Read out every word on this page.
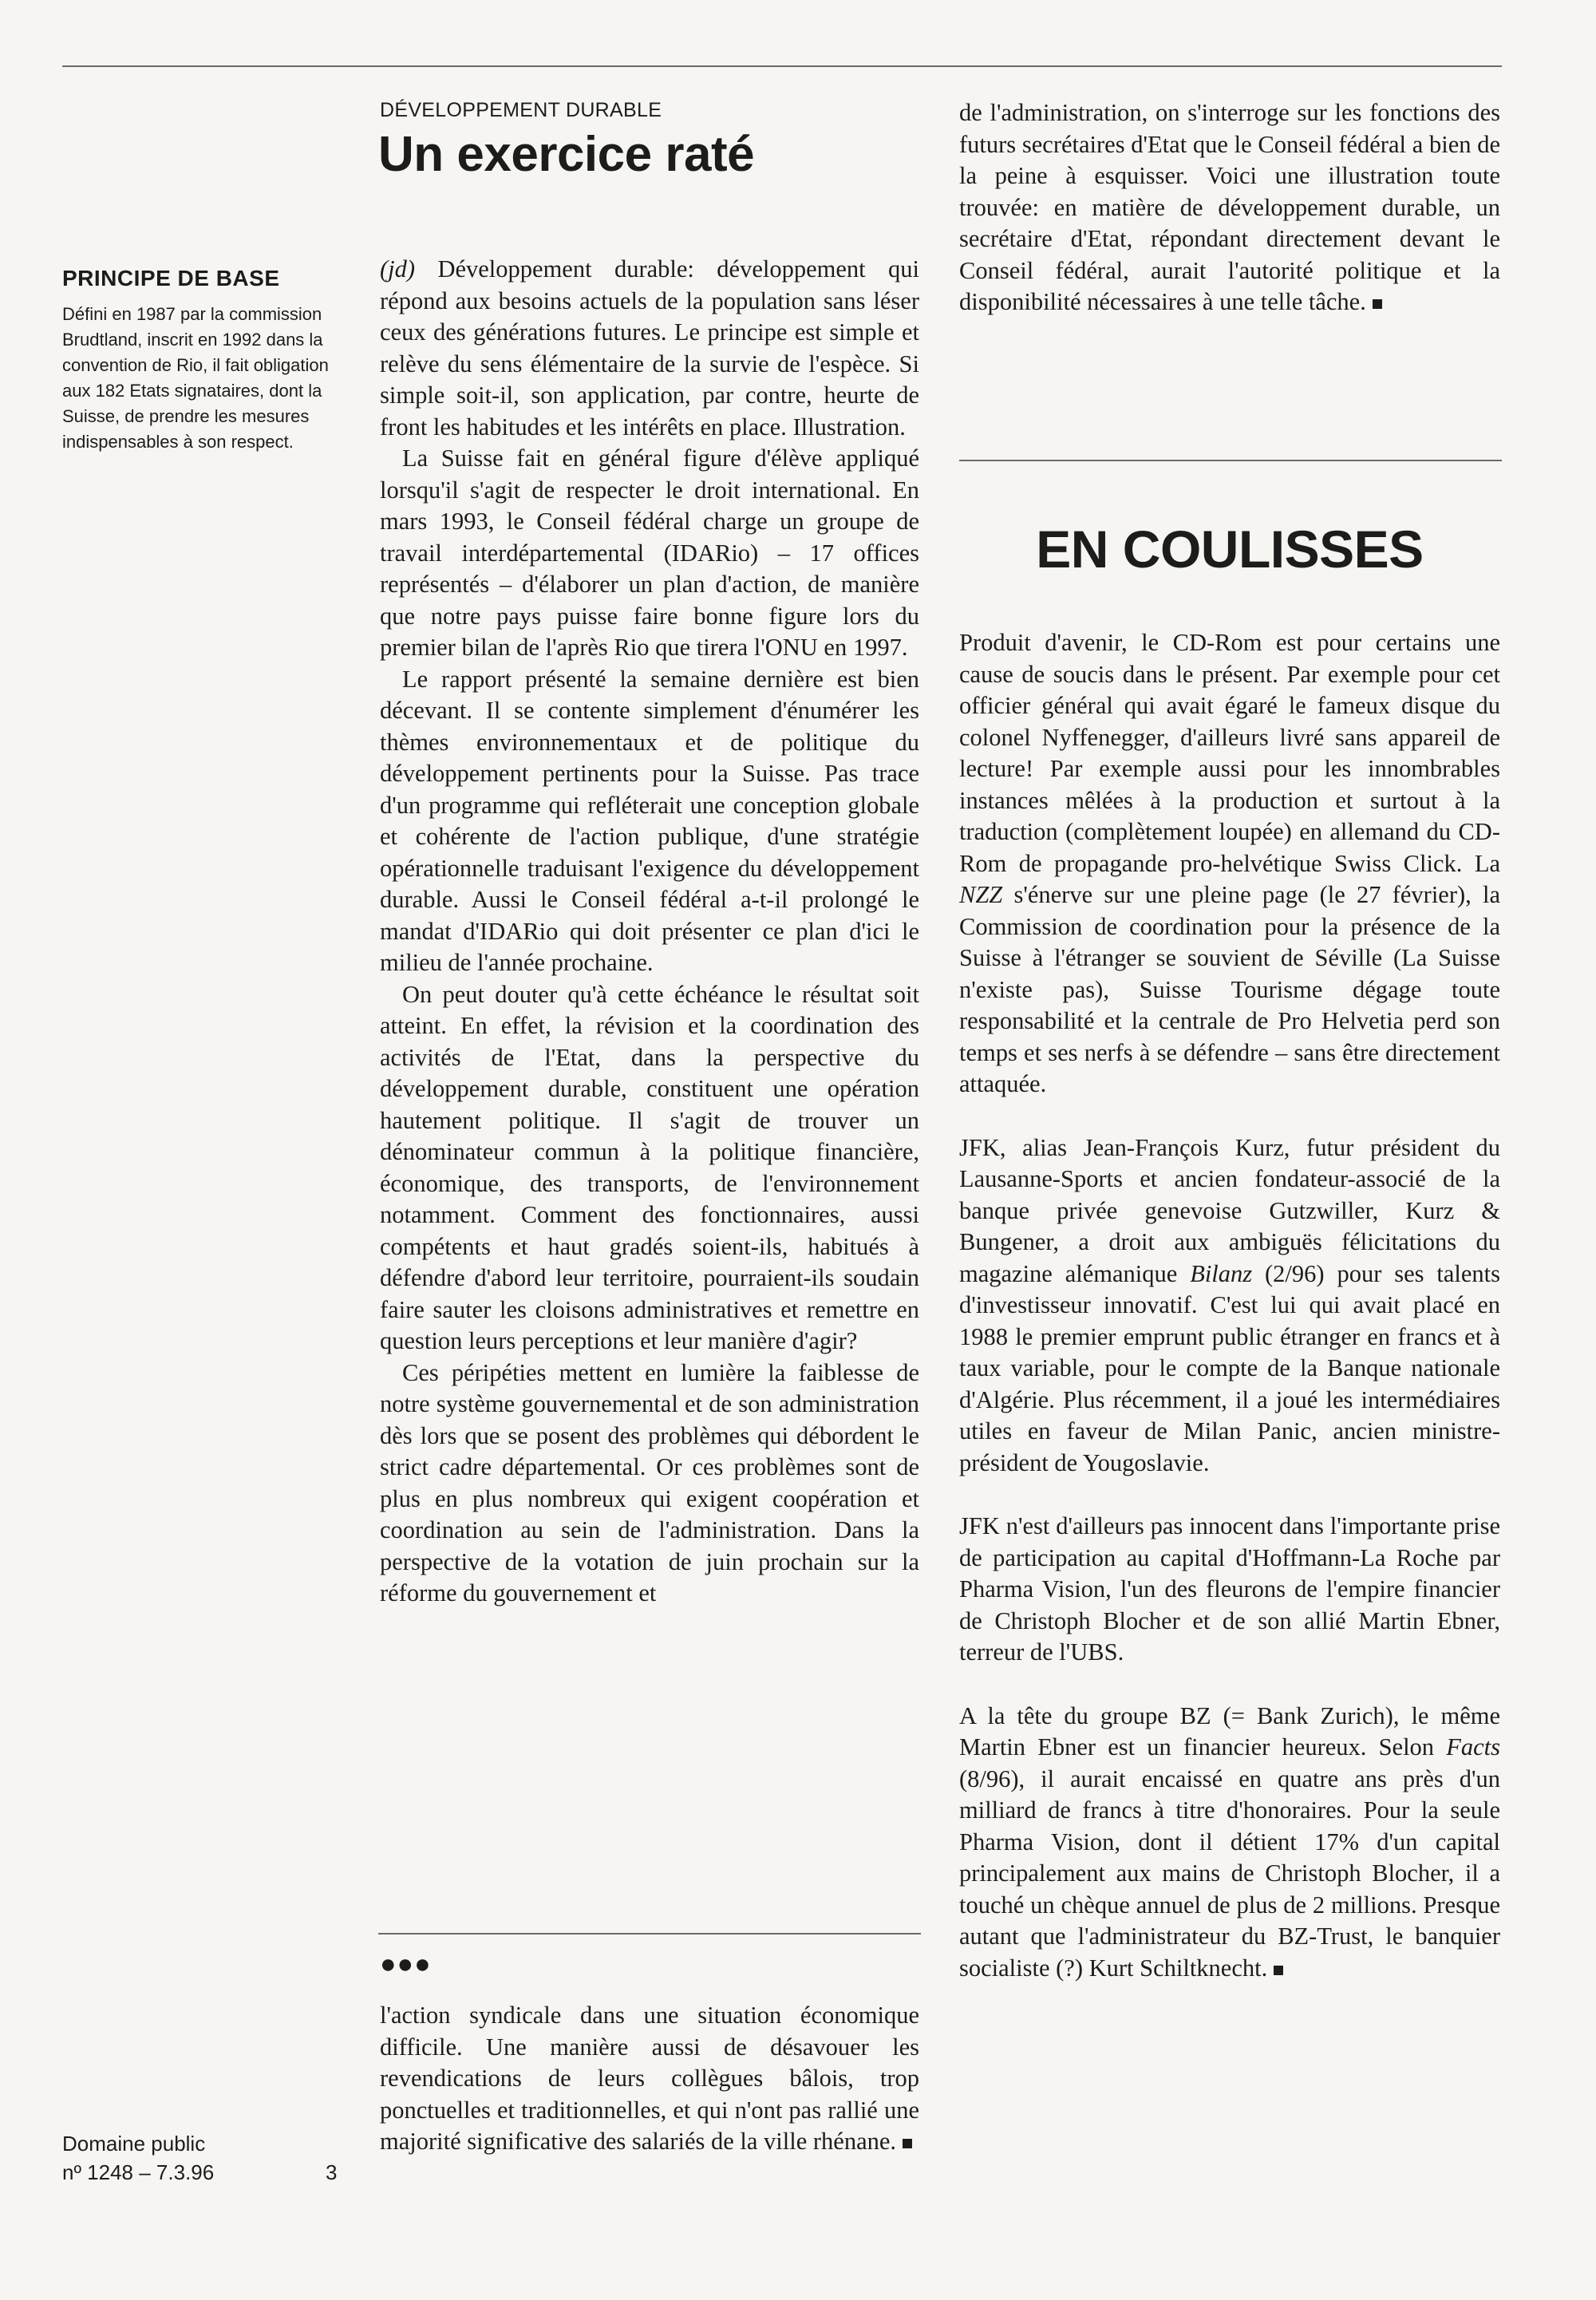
PRINCIPE DE BASE
Défini en 1987 par la commission Brudtland, inscrit en 1992 dans la convention de Rio, il fait obligation aux 182 Etats signataires, dont la Suisse, de prendre les mesures indispensables à son respect.
Domaine public
nº 1248 – 7.3.96	3
DÉVELOPPEMENT DURABLE
Un exercice raté

(jd) Développement durable: développement qui répond aux besoins actuels de la population sans léser ceux des générations futures. Le principe est simple et relève du sens élémentaire de la survie de l'espèce. Si simple soit-il, son application, par contre, heurte de front les habitudes et les intérêts en place. Illustration.

La Suisse fait en général figure d'élève appliqué lorsqu'il s'agit de respecter le droit international. En mars 1993, le Conseil fédéral charge un groupe de travail interdépartemental (IDARio) – 17 offices représentés – d'élaborer un plan d'action, de manière que notre pays puisse faire bonne figure lors du premier bilan de l'après Rio que tirera l'ONU en 1997.

Le rapport présenté la semaine dernière est bien décevant. Il se contente simplement d'énumérer les thèmes environnementaux et de politique du développement pertinents pour la Suisse. Pas trace d'un programme qui refléterait une conception globale et cohérente de l'action publique, d'une stratégie opérationnelle traduisant l'exigence du développement durable. Aussi le Conseil fédéral a-t-il prolongé le mandat d'IDARio qui doit présenter ce plan d'ici le milieu de l'année prochaine.

On peut douter qu'à cette échéance le résultat soit atteint. En effet, la révision et la coordination des activités de l'Etat, dans la perspective du développement durable, constituent une opération hautement politique. Il s'agit de trouver un dénominateur commun à la politique financière, économique, des transports, de l'environnement notamment. Comment des fonctionnaires, aussi compétents et haut gradés soient-ils, habitués à défendre d'abord leur territoire, pourraient-ils soudain faire sauter les cloisons administratives et remettre en question leurs perceptions et leur manière d'agir?

Ces péripéties mettent en lumière la faiblesse de notre système gouvernemental et de son administration dès lors que se posent des problèmes qui débordent le strict cadre départemental. Or ces problèmes sont de plus en plus nombreux qui exigent coopération et coordination au sein de l'administration. Dans la perspective de la votation de juin prochain sur la réforme du gouvernement et

●●●

l'action syndicale dans une situation économique difficile. Une manière aussi de désavouer les revendications de leurs collègues bâlois, trop ponctuelles et traditionnelles, et qui n'ont pas rallié une majorité significative des salariés de la ville rhénane.

de l'administration, on s'interroge sur les fonctions des futurs secrétaires d'Etat que le Conseil fédéral a bien de la peine à esquisser. Voici une illustration toute trouvée: en matière de développement durable, un secrétaire d'Etat, répondant directement devant le Conseil fédéral, aurait l'autorité politique et la disponibilité nécessaires à une telle tâche.

EN COULISSES

Produit d'avenir, le CD-Rom est pour certains une cause de soucis dans le présent. Par exemple pour cet officier général qui avait égaré le fameux disque du colonel Nyffenegger, d'ailleurs livré sans appareil de lecture! Par exemple aussi pour les innombrables instances mêlées à la production et surtout à la traduction (complètement loupée) en allemand du CD-Rom de propagande pro-helvétique Swiss Click. La NZZ s'énerve sur une pleine page (le 27 février), la Commission de coordination pour la présence de la Suisse à l'étranger se souvient de Séville (La Suisse n'existe pas), Suisse Tourisme dégage toute responsabilité et la centrale de Pro Helvetia perd son temps et ses nerfs à se défendre – sans être directement attaquée.

JFK, alias Jean-François Kurz, futur président du Lausanne-Sports et ancien fondateur-associé de la banque privée genevoise Gutzwiller, Kurz & Bungener, a droit aux ambiguës félicitations du magazine alémanique Bilanz (2/96) pour ses talents d'investisseur innovatif. C'est lui qui avait placé en 1988 le premier emprunt public étranger en francs et à taux variable, pour le compte de la Banque nationale d'Algérie. Plus récemment, il a joué les intermédiaires utiles en faveur de Milan Panic, ancien ministre-président de Yougoslavie.

JFK n'est d'ailleurs pas innocent dans l'importante prise de participation au capital d'Hoffmann-La Roche par Pharma Vision, l'un des fleurons de l'empire financier de Christoph Blocher et de son allié Martin Ebner, terreur de l'UBS.

A la tête du groupe BZ (= Bank Zurich), le même Martin Ebner est un financier heureux. Selon Facts (8/96), il aurait encaissé en quatre ans près d'un milliard de francs à titre d'honoraires. Pour la seule Pharma Vision, dont il détient 17% d'un capital principalement aux mains de Christoph Blocher, il a touché un chèque annuel de plus de 2 millions. Presque autant que l'administrateur du BZ-Trust, le banquier socialiste (?) Kurt Schiltknecht.
